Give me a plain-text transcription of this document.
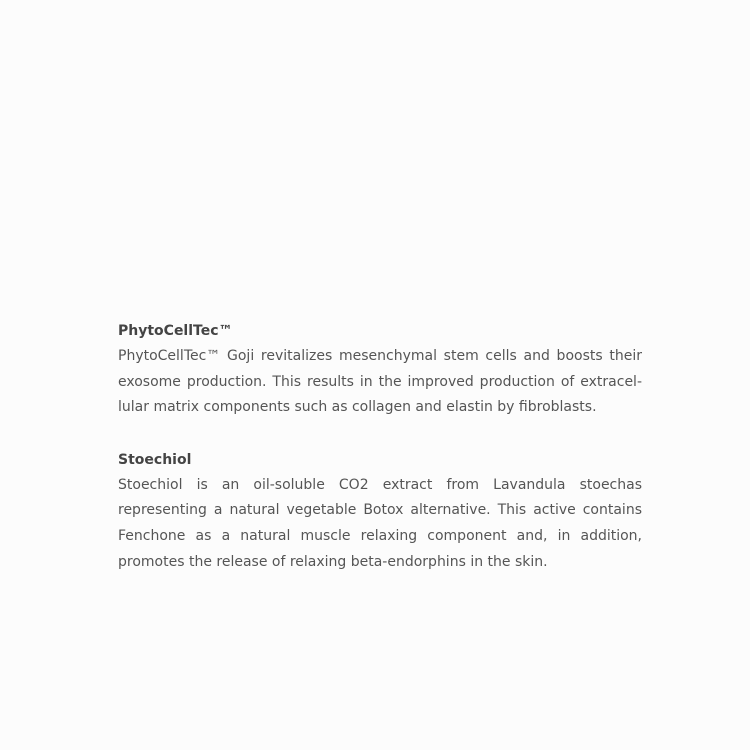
PhytoCellTec™
PhytoCellTec™ Goji revitalizes mesenchymal stem cells and boosts their
exosome production. This results in the improved production of extracel-
lular matrix components such as collagen and elastin by fibroblasts.
Stoechiol
Stoechiol is an oil-soluble CO2 extract from Lavandula stoechas
representing a natural vegetable Botox alternative. This active contains
Fenchone as a natural muscle relaxing component and, in addition,
promotes the release of relaxing beta-endorphins in the skin.
